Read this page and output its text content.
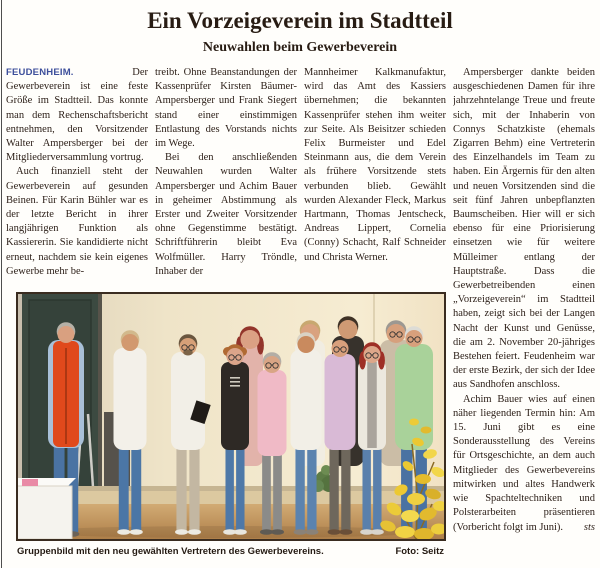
Ein Vorzeigeverein im Stadtteil
Neuwahlen beim Gewerbeverein

FEUDENHEIM.	Der Gewerbeverein ist eine feste Größe im Stadtteil. Das konnte man dem Rechenschaftsbericht entnehmen, den Vorsitzender Walter Ampersberger bei der Mitgliederversammlung vortrug.

Auch finanziell steht der Gewerbeverein auf gesunden Beinen. Für Karin Bühler war es der letzte Bericht in ihrer langjährigen Funktion als Kassiererin. Sie kandidierte nicht erneut, nachdem sie kein eigenes Gewerbe mehr be-

treibt. Ohne Beanstandungen der Kassenprüfer Kirsten Bäumer-Ampersberger und Frank Siegert stand einer einstimmigen Entlastung des Vorstands nichts im Wege.

Bei den anschließenden Neuwahlen wurden Walter Ampersberger und Achim Bauer in geheimer Abstimmung als Erster und Zweiter Vorsitzender ohne Gegenstimme bestätigt. Schriftführerin bleibt Eva Wolfmüller. Harry Tröndle, Inhaber der

Mannheimer Kalkmanufaktur, wird das Amt des Kassiers übernehmen; die bekannten Kassenprüfer stehen ihm weiter zur Seite. Als Beisitzer schieden Felix Burmeister und Edel Steinmann aus, die dem Verein als frühere Vorsitzende stets verbunden blieb. Gewählt wurden Alexander Fleck, Markus Hartmann, Thomas Jentscheck, Andreas Lippert, Cornelia (Conny) Schacht, Ralf Schneider und Christa Werner.

Ampersberger dankte beiden ausgeschiedenen Damen für ihre jahrzehntelange Treue und freute sich, mit der Inhaberin von Connys Schatzkiste (ehemals Zigarren Behm) eine Vertreterin des Einzelhandels im Team zu haben. Ein Ärgernis für den alten und neuen Vorsitzenden sind die seit fünf Jahren unbepflanzten Baumscheiben. Hier will er sich ebenso für eine Priorisierung einsetzen wie für weitere Mülleimer entlang der Hauptstraße. Dass die Gewerbetreibenden einen „Vorzeigeverein“ im Stadtteil haben, zeigt sich bei der Langen Nacht der Kunst und Genüsse, die am 2. November 20-jähriges Bestehen feiert. Feudenheim war der erste Bezirk, der sich der Idee aus Sandhofen anschloss.

Achim Bauer wies auf einen näher liegenden Termin hin: Am 15. Juni gibt es eine Sonderausstellung des Vereins für Ortsgeschichte, an dem auch Mitglieder des Gewerbevereins mitwirken und altes Handwerk wie Spachteltechniken und Polsterarbeiten präsentieren (Vorbericht folgt im Juni).	sts

Gruppenbild mit den neu gewählten Vertretern des Gewerbevereins.	Foto: Seitz
